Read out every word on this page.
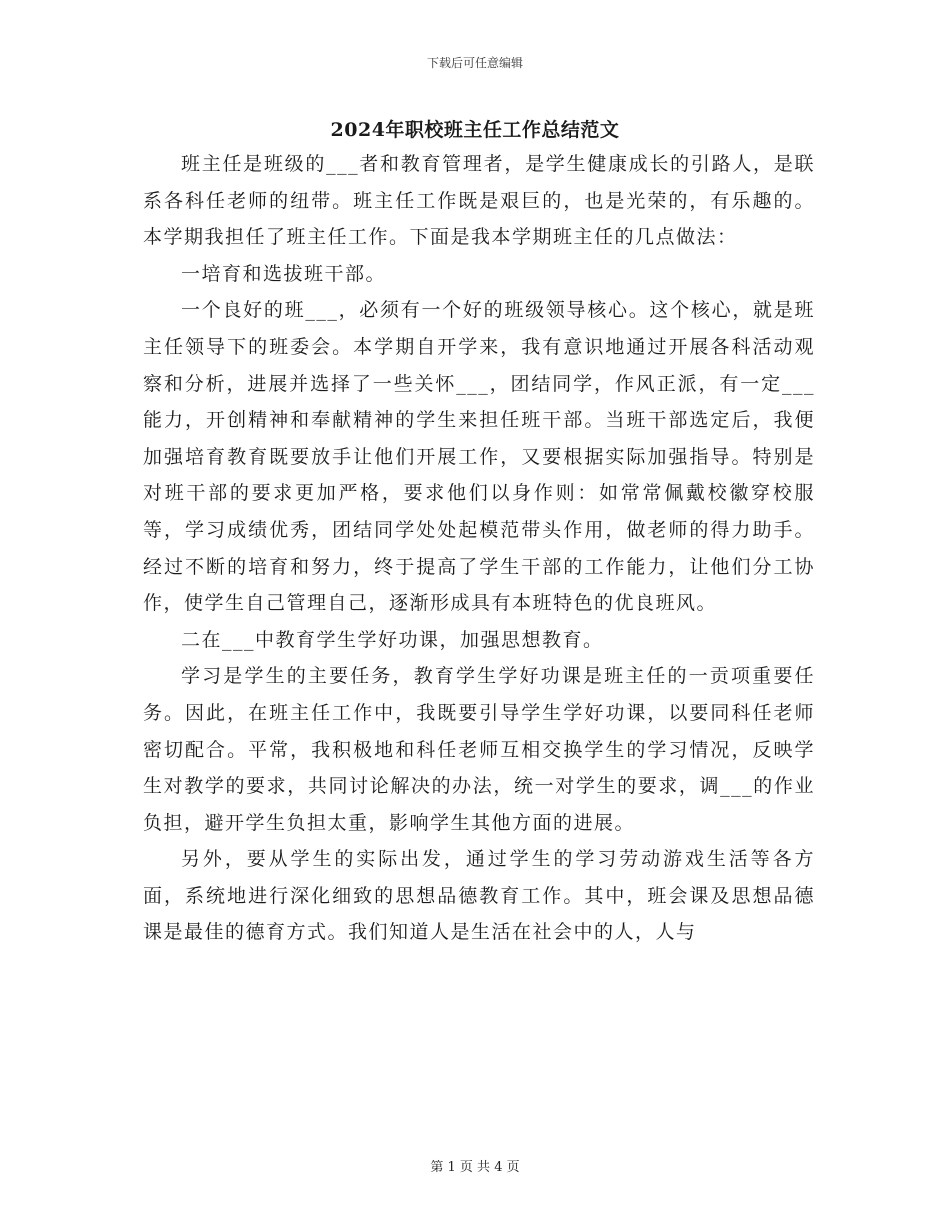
下载后可任意编辑
2024年职校班主任工作总结范文

班主任是班级的___者和教育管理者，是学生健康成长的引路人，是联系各科任老师的纽带。班主任工作既是艰巨的，也是光荣的，有乐趣的。本学期我担任了班主任工作。下面是我本学期班主任的几点做法：

一培育和选拔班干部。

一个良好的班___，必须有一个好的班级领导核心。这个核心，就是班主任领导下的班委会。本学期自开学来，我有意识地通过开展各科活动观察和分析，进展并选择了一些关怀___，团结同学，作风正派，有一定___能力，开创精神和奉献精神的学生来担任班干部。当班干部选定后，我便加强培育教育既要放手让他们开展工作，又要根据实际加强指导。特别是对班干部的要求更加严格，要求他们以身作则：如常常佩戴校徽穿校服等，学习成绩优秀，团结同学处处起模范带头作用，做老师的得力助手。经过不断的培育和努力，终于提高了学生干部的工作能力，让他们分工协作，使学生自己管理自己，逐渐形成具有本班特色的优良班风。

二在___中教育学生学好功课，加强思想教育。

学习是学生的主要任务，教育学生学好功课是班主任的一贡项重要任务。因此，在班主任工作中，我既要引导学生学好功课，以要同科任老师密切配合。平常，我积极地和科任老师互相交换学生的学习情况，反映学生对教学的要求，共同讨论解决的办法，统一对学生的要求，调___的作业负担，避开学生负担太重，影响学生其他方面的进展。

另外，要从学生的实际出发，通过学生的学习劳动游戏生活等各方面，系统地进行深化细致的思想品德教育工作。其中，班会课及思想品德课是最佳的德育方式。我们知道人是生活在社会中的人，人与

第 1 页 共 4 页
